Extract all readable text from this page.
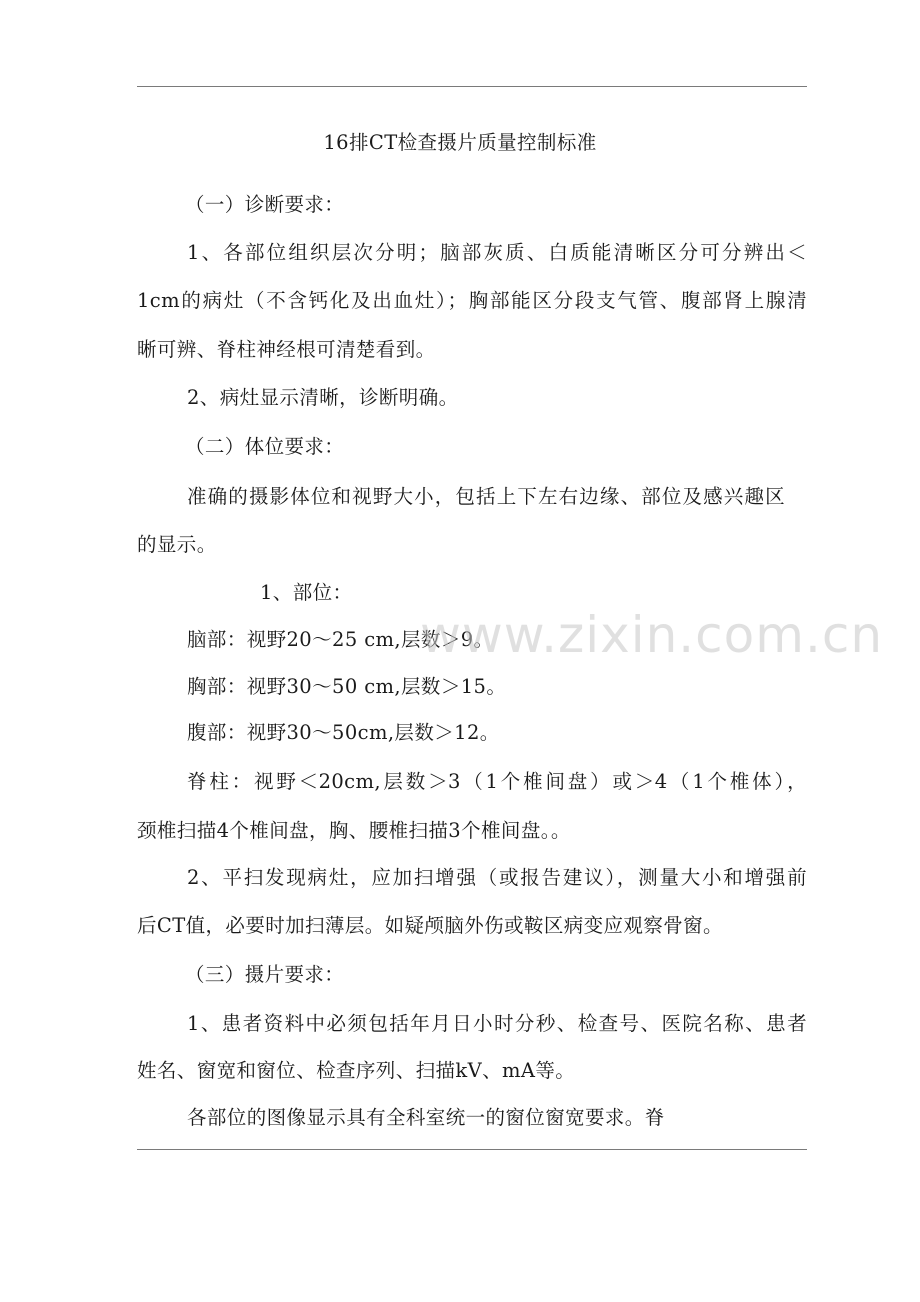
16排CT检查摄片质量控制标准
（一）诊断要求：
1、各部位组织层次分明；脑部灰质、白质能清晰区分可分辨出＜
1cm的病灶（不含钙化及出血灶）；胸部能区分段支气管、腹部肾上腺清
晰可辨、脊柱神经根可清楚看到。
2、病灶显示清晰，诊断明确。
（二）体位要求：
准确的摄影体位和视野大小，包括上下左右边缘、部位及感兴趣区
的显示。
1、部位：
脑部：视野20～25 cm,层数＞9。
胸部：视野30～50 cm,层数＞15。
腹部：视野30～50cm,层数＞12。
脊柱：视野＜20cm,层数＞3（1个椎间盘）或＞4（1个椎体），
颈椎扫描4个椎间盘，胸、腰椎扫描3个椎间盘。。
2、平扫发现病灶，应加扫增强（或报告建议），测量大小和增强前
后CT值，必要时加扫薄层。如疑颅脑外伤或鞍区病变应观察骨窗。
（三）摄片要求：
1、患者资料中必须包括年月日小时分秒、检查号、医院名称、患者
姓名、窗宽和窗位、检查序列、扫描kV、mA等。
各部位的图像显示具有全科室统一的窗位窗宽要求。脊
www.zixin.com.cn
